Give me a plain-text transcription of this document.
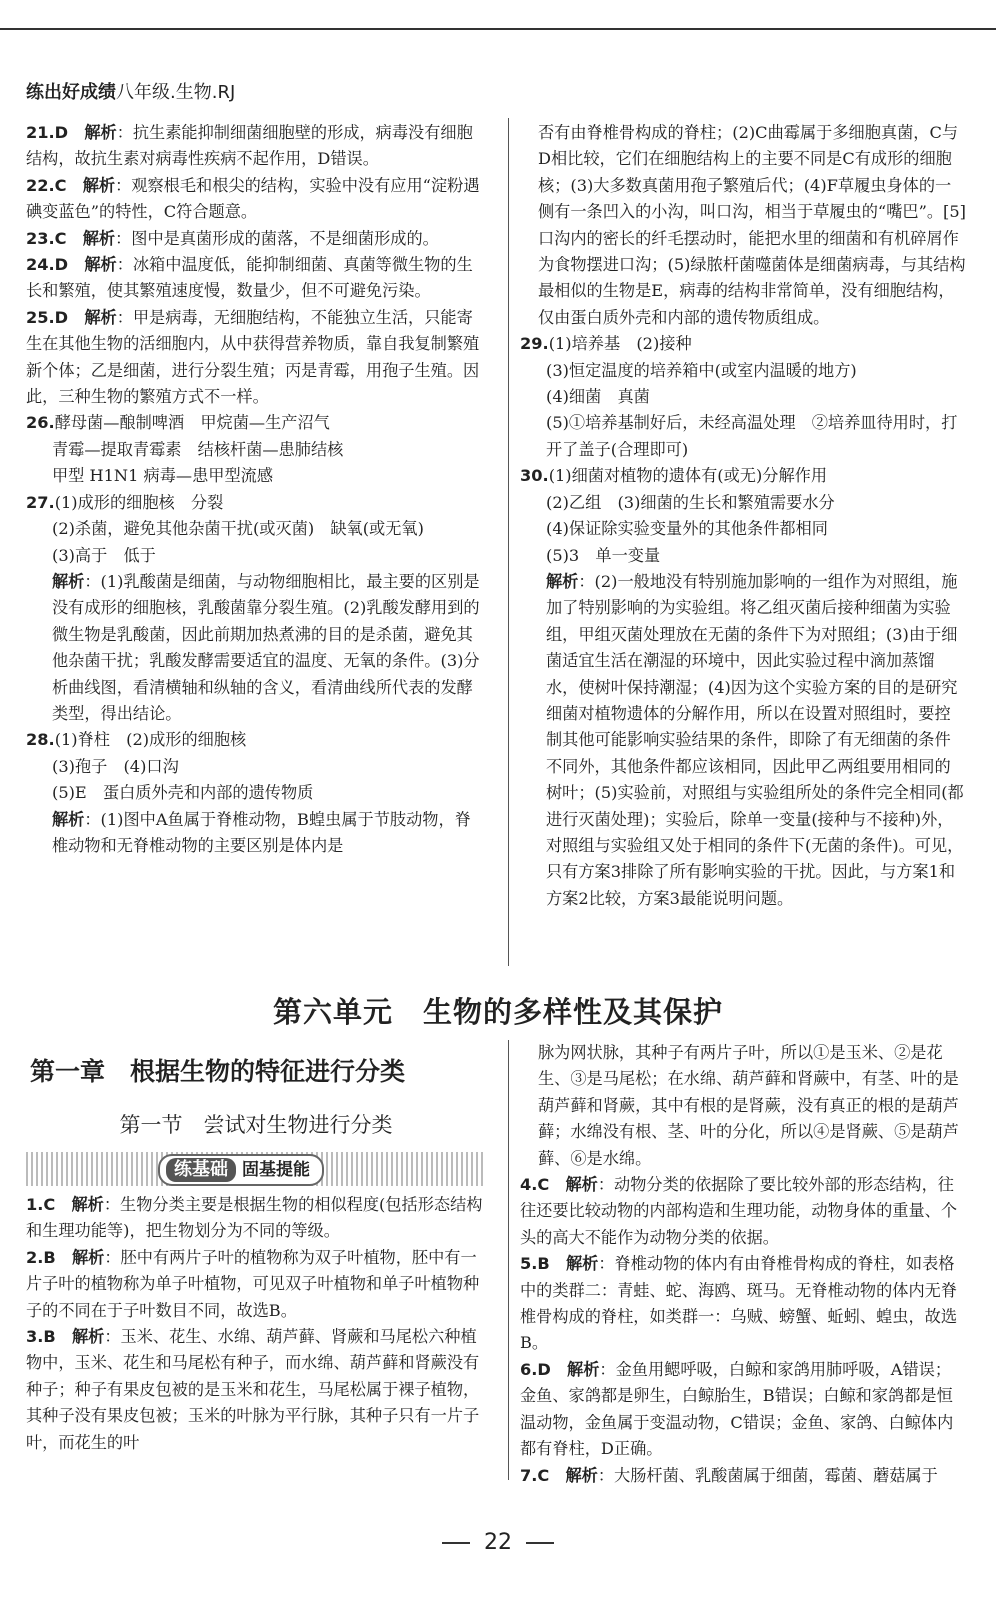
练出好成绩八年级.生物.RJ

21.D　 解析：抗生素能抑制细菌细胞壁的形成，病毒没有细胞结构，故抗生素对病毒性疾病不起作用，D错误。

22.C　 解析：观察根毛和根尖的结构，实验中没有应用“淀粉遇碘变蓝色”的特性，C符合题意。

23.C　 解析：图中是真菌形成的菌落，不是细菌形成的。

24.D　 解析：冰箱中温度低，能抑制细菌、真菌等微生物的生长和繁殖，使其繁殖速度慢，数量少，但不可避免污染。

25.D　 解析：甲是病毒，无细胞结构，不能独立生活，只能寄生在其他生物的活细胞内，从中获得营养物质，靠自我复制繁殖新个体；乙是细菌，进行分裂生殖；丙是青霉，用孢子生殖。因此，三种生物的繁殖方式不一样。

26.酵母菌—酿制啤酒　甲烷菌—生产沼气
青霉—提取青霉素　结核杆菌—患肺结核
甲型 H1N1 病毒—患甲型流感
27.(1)成形的细胞核　分裂
(2)杀菌，避免其他杂菌干扰(或灭菌)　缺氧(或无氧)
(3)高于　低于
解析：(1)乳酸菌是细菌，与动物细胞相比，最主要的区别是没有成形的细胞核，乳酸菌靠分裂生殖。(2)乳酸发酵用到的微生物是乳酸菌，因此前期加热煮沸的目的是杀菌，避免其他杂菌干扰；乳酸发酵需要适宜的温度、无氧的条件。(3)分析曲线图，看清横轴和纵轴的含义，看清曲线所代表的发酵类型，得出结论。
28.(1)脊柱　(2)成形的细胞核
(3)孢子　(4)口沟
(5)E　蛋白质外壳和内部的遗传物质
解析：(1)图中A鱼属于脊椎动物，B蝗虫属于节肢动物，脊椎动物和无脊椎动物的主要区别是体内是
否有由脊椎骨构成的脊柱；(2)C曲霉属于多细胞真菌，C与D相比较，它们在细胞结构上的主要不同是C有成形的细胞核；(3)大多数真菌用孢子繁殖后代；(4)F草履虫身体的一侧有一条凹入的小沟，叫口沟，相当于草履虫的“嘴巴”。[5]口沟内的密长的纤毛摆动时，能把水里的细菌和有机碎屑作为食物摆进口沟；(5)绿脓杆菌噬菌体是细菌病毒，与其结构最相似的生物是E，病毒的结构非常简单，没有细胞结构，仅由蛋白质外壳和内部的遗传物质组成。
29.(1)培养基　(2)接种
(3)恒定温度的培养箱中(或室内温暖的地方)
(4)细菌　真菌
(5)①培养基制好后，未经高温处理　②培养皿待用时，打开了盖子(合理即可)
30.(1)细菌对植物的遗体有(或无)分解作用
(2)乙组　(3)细菌的生长和繁殖需要水分
(4)保证除实验变量外的其他条件都相同
(5)3　单一变量
解析：(2)一般地没有特别施加影响的一组作为对照组，施加了特别影响的为实验组。将乙组灭菌后接种细菌为实验组，甲组灭菌处理放在无菌的条件下为对照组；(3)由于细菌适宜生活在潮湿的环境中，因此实验过程中滴加蒸馏水，使树叶保持潮湿；(4)因为这个实验方案的目的是研究细菌对植物遗体的分解作用，所以在设置对照组时，要控制其他可能影响实验结果的条件，即除了有无细菌的条件不同外，其他条件都应该相同，因此甲乙两组要用相同的树叶；(5)实验前，对照组与实验组所处的条件完全相同(都进行灭菌处理)；实验后，除单一变量(接种与不接种)外，对照组与实验组又处于相同的条件下(无菌的条件)。可见，只有方案3排除了所有影响实验的干扰。因此，与方案1和方案2比较，方案3最能说明问题。
第六单元　生物的多样性及其保护
第一章　根据生物的特征进行分类
第一节　尝试对生物进行分类
练基础 固基提能

1.C　 解析：生物分类主要是根据生物的相似程度(包括形态结构和生理功能等)，把生物划分为不同的等级。

2.B　 解析：胚中有两片子叶的植物称为双子叶植物，胚中有一片子叶的植物称为单子叶植物，可见双子叶植物和单子叶植物种子的不同在于子叶数目不同，故选B。

3.B　 解析：玉米、花生、水绵、葫芦藓、肾蕨和马尾松六种植物中，玉米、花生和马尾松有种子，而水绵、葫芦藓和肾蕨没有种子；种子有果皮包被的是玉米和花生，马尾松属于裸子植物，其种子没有果皮包被；玉米的叶脉为平行脉，其种子只有一片子叶，而花生的叶

脉为网状脉，其种子有两片子叶，所以①是玉米、②是花生、③是马尾松；在水绵、葫芦藓和肾蕨中，有茎、叶的是葫芦藓和肾蕨，其中有根的是肾蕨，没有真正的根的是葫芦藓；水绵没有根、茎、叶的分化，所以④是肾蕨、⑤是葫芦藓、⑥是水绵。

4.C　 解析：动物分类的依据除了要比较外部的形态结构，往往还要比较动物的内部构造和生理功能，动物身体的重量、个头的高大不能作为动物分类的依据。

5.B　 解析：脊椎动物的体内有由脊椎骨构成的脊柱，如表格中的类群二：青蛙、蛇、海鸥、斑马。无脊椎动物的体内无脊椎骨构成的脊柱，如类群一：乌贼、螃蟹、蚯蚓、蝗虫，故选B。

6.D　 解析：金鱼用鳃呼吸，白鲸和家鸽用肺呼吸，A错误；金鱼、家鸽都是卵生，白鲸胎生，B错误；白鲸和家鸽都是恒温动物，金鱼属于变温动物，C错误；金鱼、家鸽、白鲸体内都有脊柱，D正确。

7.C　 解析：大肠杆菌、乳酸菌属于细菌，霉菌、蘑菇属于

22
